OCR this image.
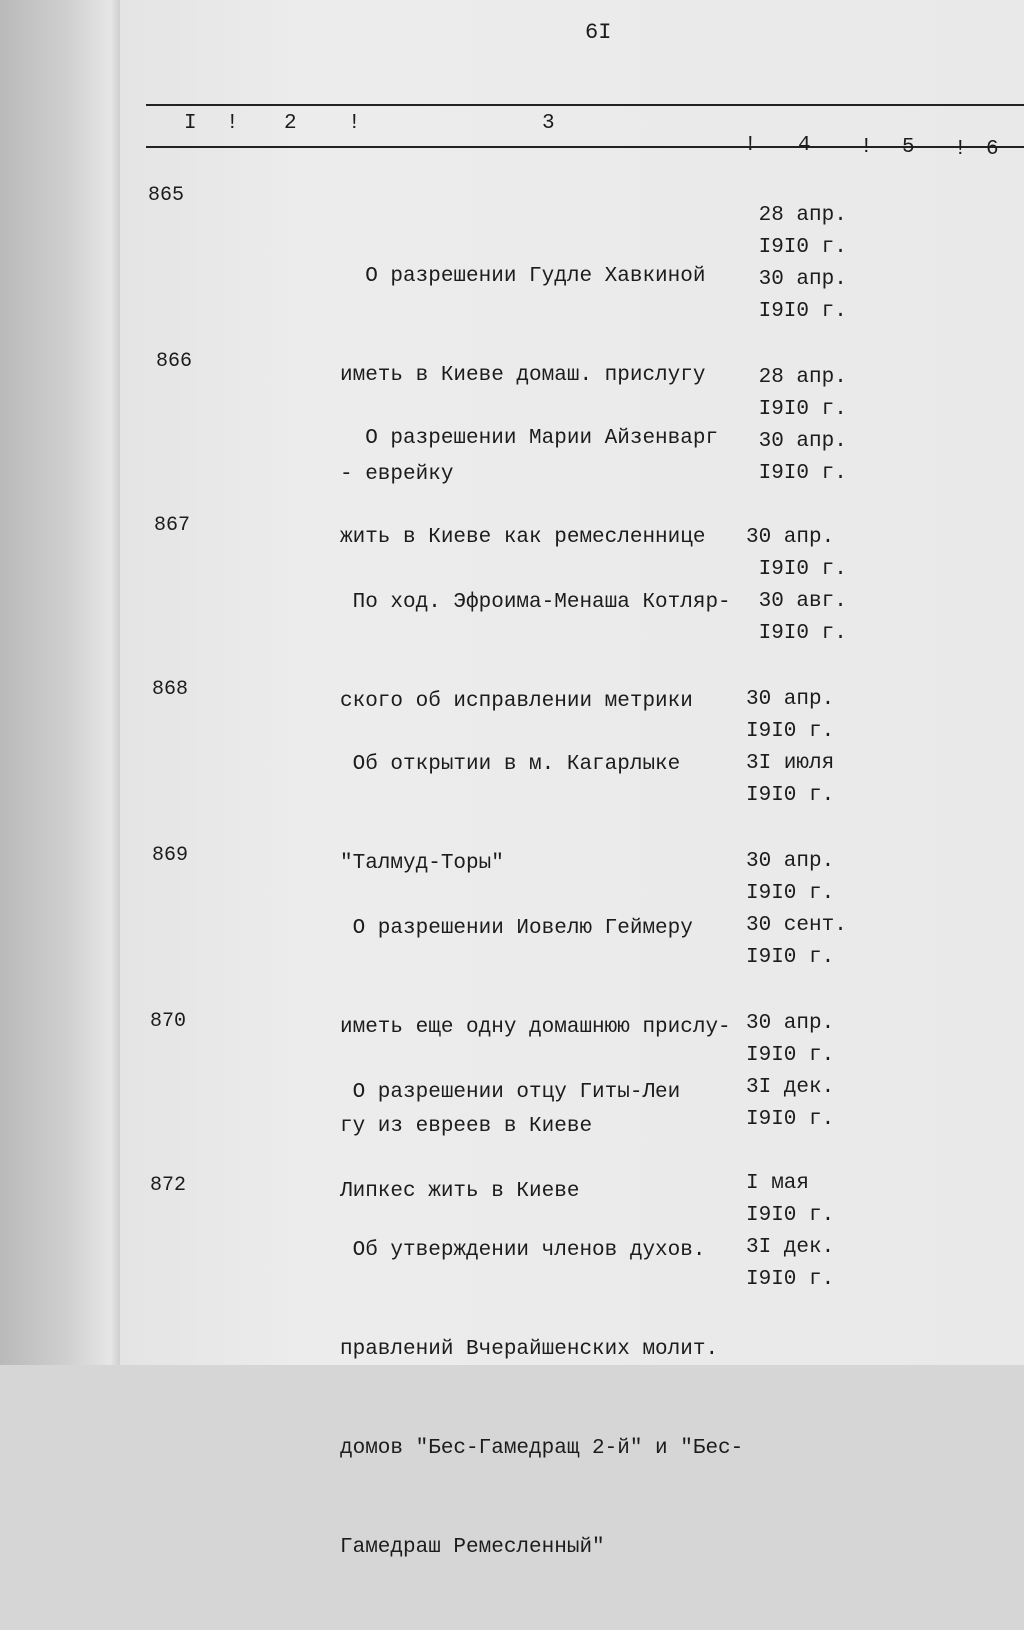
6I
I ! 2 !	3
! 4 ! 5 ! 6
865

О разрешении Гудле Хавкиной

иметь в Киеве домаш. прислугу

- еврейку

28 апр.
I9I0 г.
30 апр.
I9I0 г.
866

О разрешении Марии Айзенварг

жить в Киеве как ремесленнице

28 апр.
I9I0 г.
30 апр.
I9I0 г.
867

По ход. Эфроима-Менаша Котляр-

ского об исправлении метрики

30 апр.
I9I0 г.
30 авг.
I9I0 г.
868

Об открытии в м. Кагарлыке

"Талмуд-Торы"

30 апр.
I9I0 г.
3I июля
I9I0 г.
869

О разрешении Иовелю Геймеру

иметь еще одну домашнюю прислу-

гу из евреев в Киеве

30 апр.
I9I0 г.
30 сент.
I9I0 г.
870

О разрешении отцу Гиты-Леи

Липкес жить в Киеве

30 апр.
I9I0 г.
3I дек.
I9I0 г.
872

Об утверждении членов духов.

правлений Вчерайшенских молит.

домов "Бес-Гамедращ 2-й" и "Бес-

Гамедраш Ремесленный"

I мая
I9I0 г.
3I дек.
I9I0 г.
